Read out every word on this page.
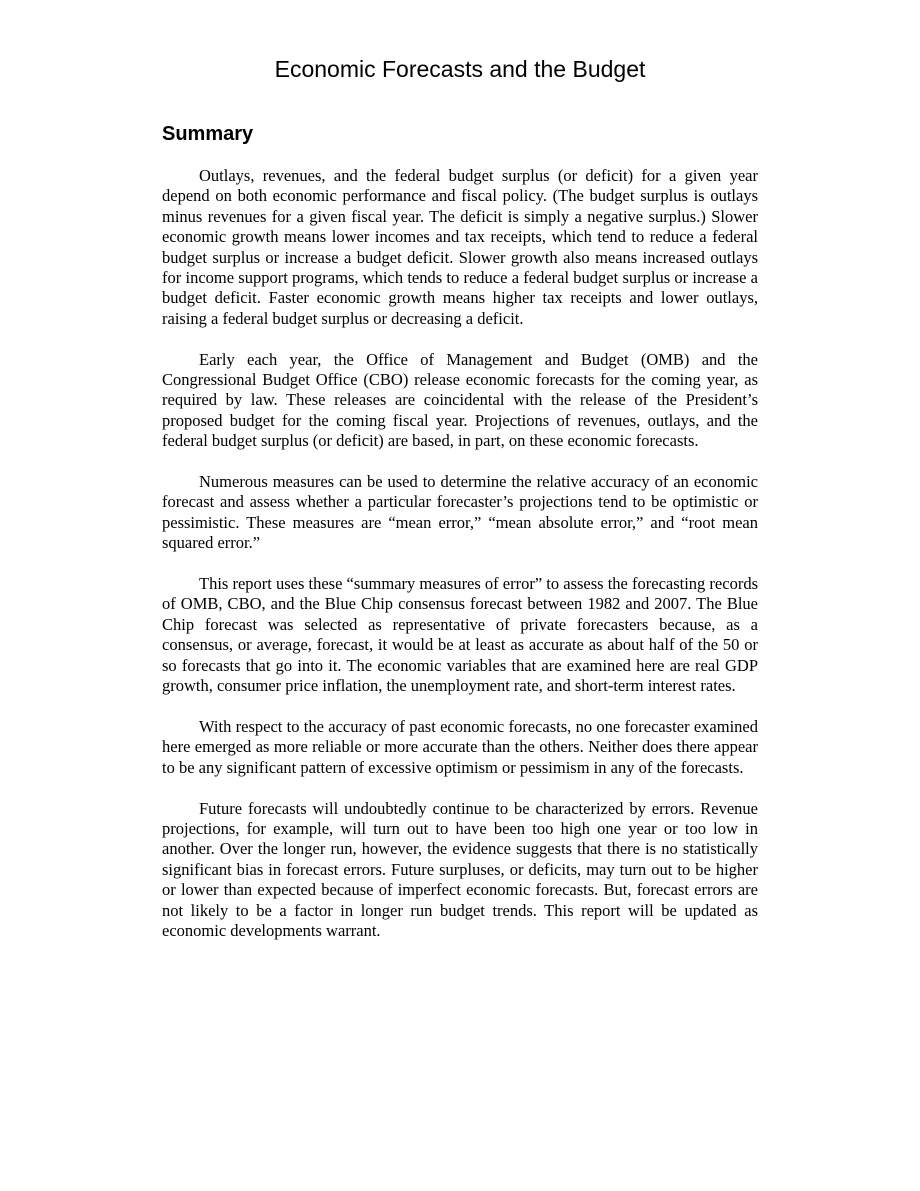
Economic Forecasts and the Budget
Summary

Outlays, revenues, and the federal budget surplus (or deficit) for a given year depend on both economic performance and fiscal policy. (The budget surplus is outlays minus revenues for a given fiscal year. The deficit is simply a negative surplus.) Slower economic growth means lower incomes and tax receipts, which tend to reduce a federal budget surplus or increase a budget deficit. Slower growth also means increased outlays for income support programs, which tends to reduce a federal budget surplus or increase a budget deficit. Faster economic growth means higher tax receipts and lower outlays, raising a federal budget surplus or decreasing a deficit.

Early each year, the Office of Management and Budget (OMB) and the Congressional Budget Office (CBO) release economic forecasts for the coming year, as required by law. These releases are coincidental with the release of the President’s proposed budget for the coming fiscal year. Projections of revenues, outlays, and the federal budget surplus (or deficit) are based, in part, on these economic forecasts.

Numerous measures can be used to determine the relative accuracy of an economic forecast and assess whether a particular forecaster’s projections tend to be optimistic or pessimistic. These measures are “mean error,” “mean absolute error,” and “root mean squared error.”

This report uses these “summary measures of error” to assess the forecasting records of OMB, CBO, and the Blue Chip consensus forecast between 1982 and 2007. The Blue Chip forecast was selected as representative of private forecasters because, as a consensus, or average, forecast, it would be at least as accurate as about half of the 50 or so forecasts that go into it. The economic variables that are examined here are real GDP growth, consumer price inflation, the unemployment rate, and short-term interest rates.

With respect to the accuracy of past economic forecasts, no one forecaster examined here emerged as more reliable or more accurate than the others. Neither does there appear to be any significant pattern of excessive optimism or pessimism in any of the forecasts.

Future forecasts will undoubtedly continue to be characterized by errors. Revenue projections, for example, will turn out to have been too high one year or too low in another. Over the longer run, however, the evidence suggests that there is no statistically significant bias in forecast errors. Future surpluses, or deficits, may turn out to be higher or lower than expected because of imperfect economic forecasts. But, forecast errors are not likely to be a factor in longer run budget trends. This report will be updated as economic developments warrant.
